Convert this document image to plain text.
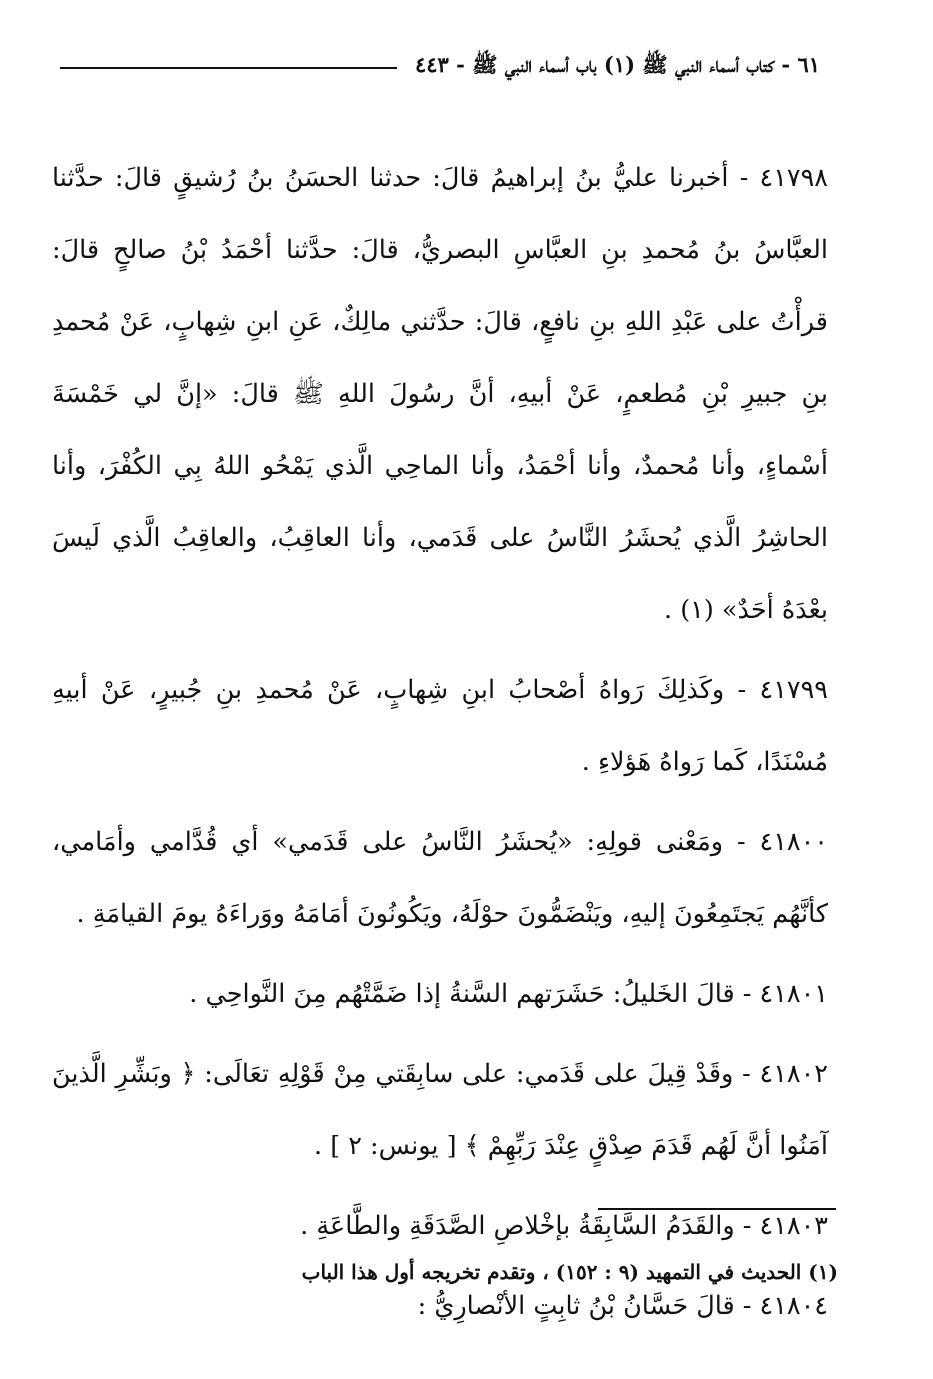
٦١ - كتاب أسماء النبي ﷺ (١) باب أسماء النبي ﷺ - ٤٤٣

٤١٧٩٨ - أخبرنا عليُّ بنُ إبراهيمُ قالَ: حدثنا الحسَنُ بنُ رُشيقٍ قالَ: حدَّثنا العبَّاسُ بنُ مُحمدِ بنِ العبَّاسِ البصريُّ، قالَ: حدَّثنا أحْمَدُ بْنُ صالحٍ قالَ: قرأْتُ على عَبْدِ اللهِ بنِ نافعٍ، قالَ: حدَّثني مالِكٌ، عَنِ ابنِ شِهابٍ، عَنْ مُحمدِ بنِ جبيرِ بْنِ مُطعمٍ، عَنْ أبيهِ، أنَّ رسُولَ اللهِ ﷺ قالَ: «إنَّ لي خَمْسَةَ أسْماءٍ، وأنا مُحمدٌ، وأنا أحْمَدُ، وأنا الماحِي الَّذي يَمْحُو اللهُ بِي الكُفْرَ، وأنا الحاشِرُ الَّذي يُحشَرُ النَّاسُ على قَدَمي، وأنا العاقِبُ، والعاقِبُ الَّذي لَيسَ بعْدَهُ أحَدٌ» (١) .

٤١٧٩٩ - وكَذلِكَ رَواهُ أصْحابُ ابنِ شِهابٍ، عَنْ مُحمدِ بنِ جُبيرٍ، عَنْ أبيهِ مُسْنَدًا، كَما رَواهُ هَؤلاءِ .

٤١٨٠٠ - ومَعْنى قولِهِ: «يُحشَرُ النَّاسُ على قَدَمي» أي قُدَّامي وأمَامي، كأنَّهُم يَجتَمِعُونَ إليهِ، ويَنْضَمُّونَ حوْلَهُ، ويَكُونُونَ أمَامَهُ ووَراءَهُ يومَ القيامَةِ .

٤١٨٠١ - قالَ الخَليلُ: حَشَرَتهم السَّنةُ إذا ضَمَّتْهُم مِنَ النَّواحِي .

٤١٨٠٢ - وقَدْ قِيلَ على قَدَمي: على سابِقَتي مِنْ قَوْلِهِ تعَالَى: ﴿ وبَشِّرِ الَّذينَ آمَنُوا أنَّ لَهُم قَدَمَ صِدْقٍ عِنْدَ رَبِّهِمْ ﴾ [ يونس: ٢ ] .

٤١٨٠٣ - والقَدَمُ السَّابِقَةُ بإخْلاصِ الصَّدَقَةِ والطَّاعَةِ .

٤١٨٠٤ - قالَ حَسَّانُ بْنُ ثابِتٍ الأنْصارِيُّ :

(١) الحديث في التمهيد (٩ : ١٥٢) ، وتقدم تخريجه أول هذا الباب
